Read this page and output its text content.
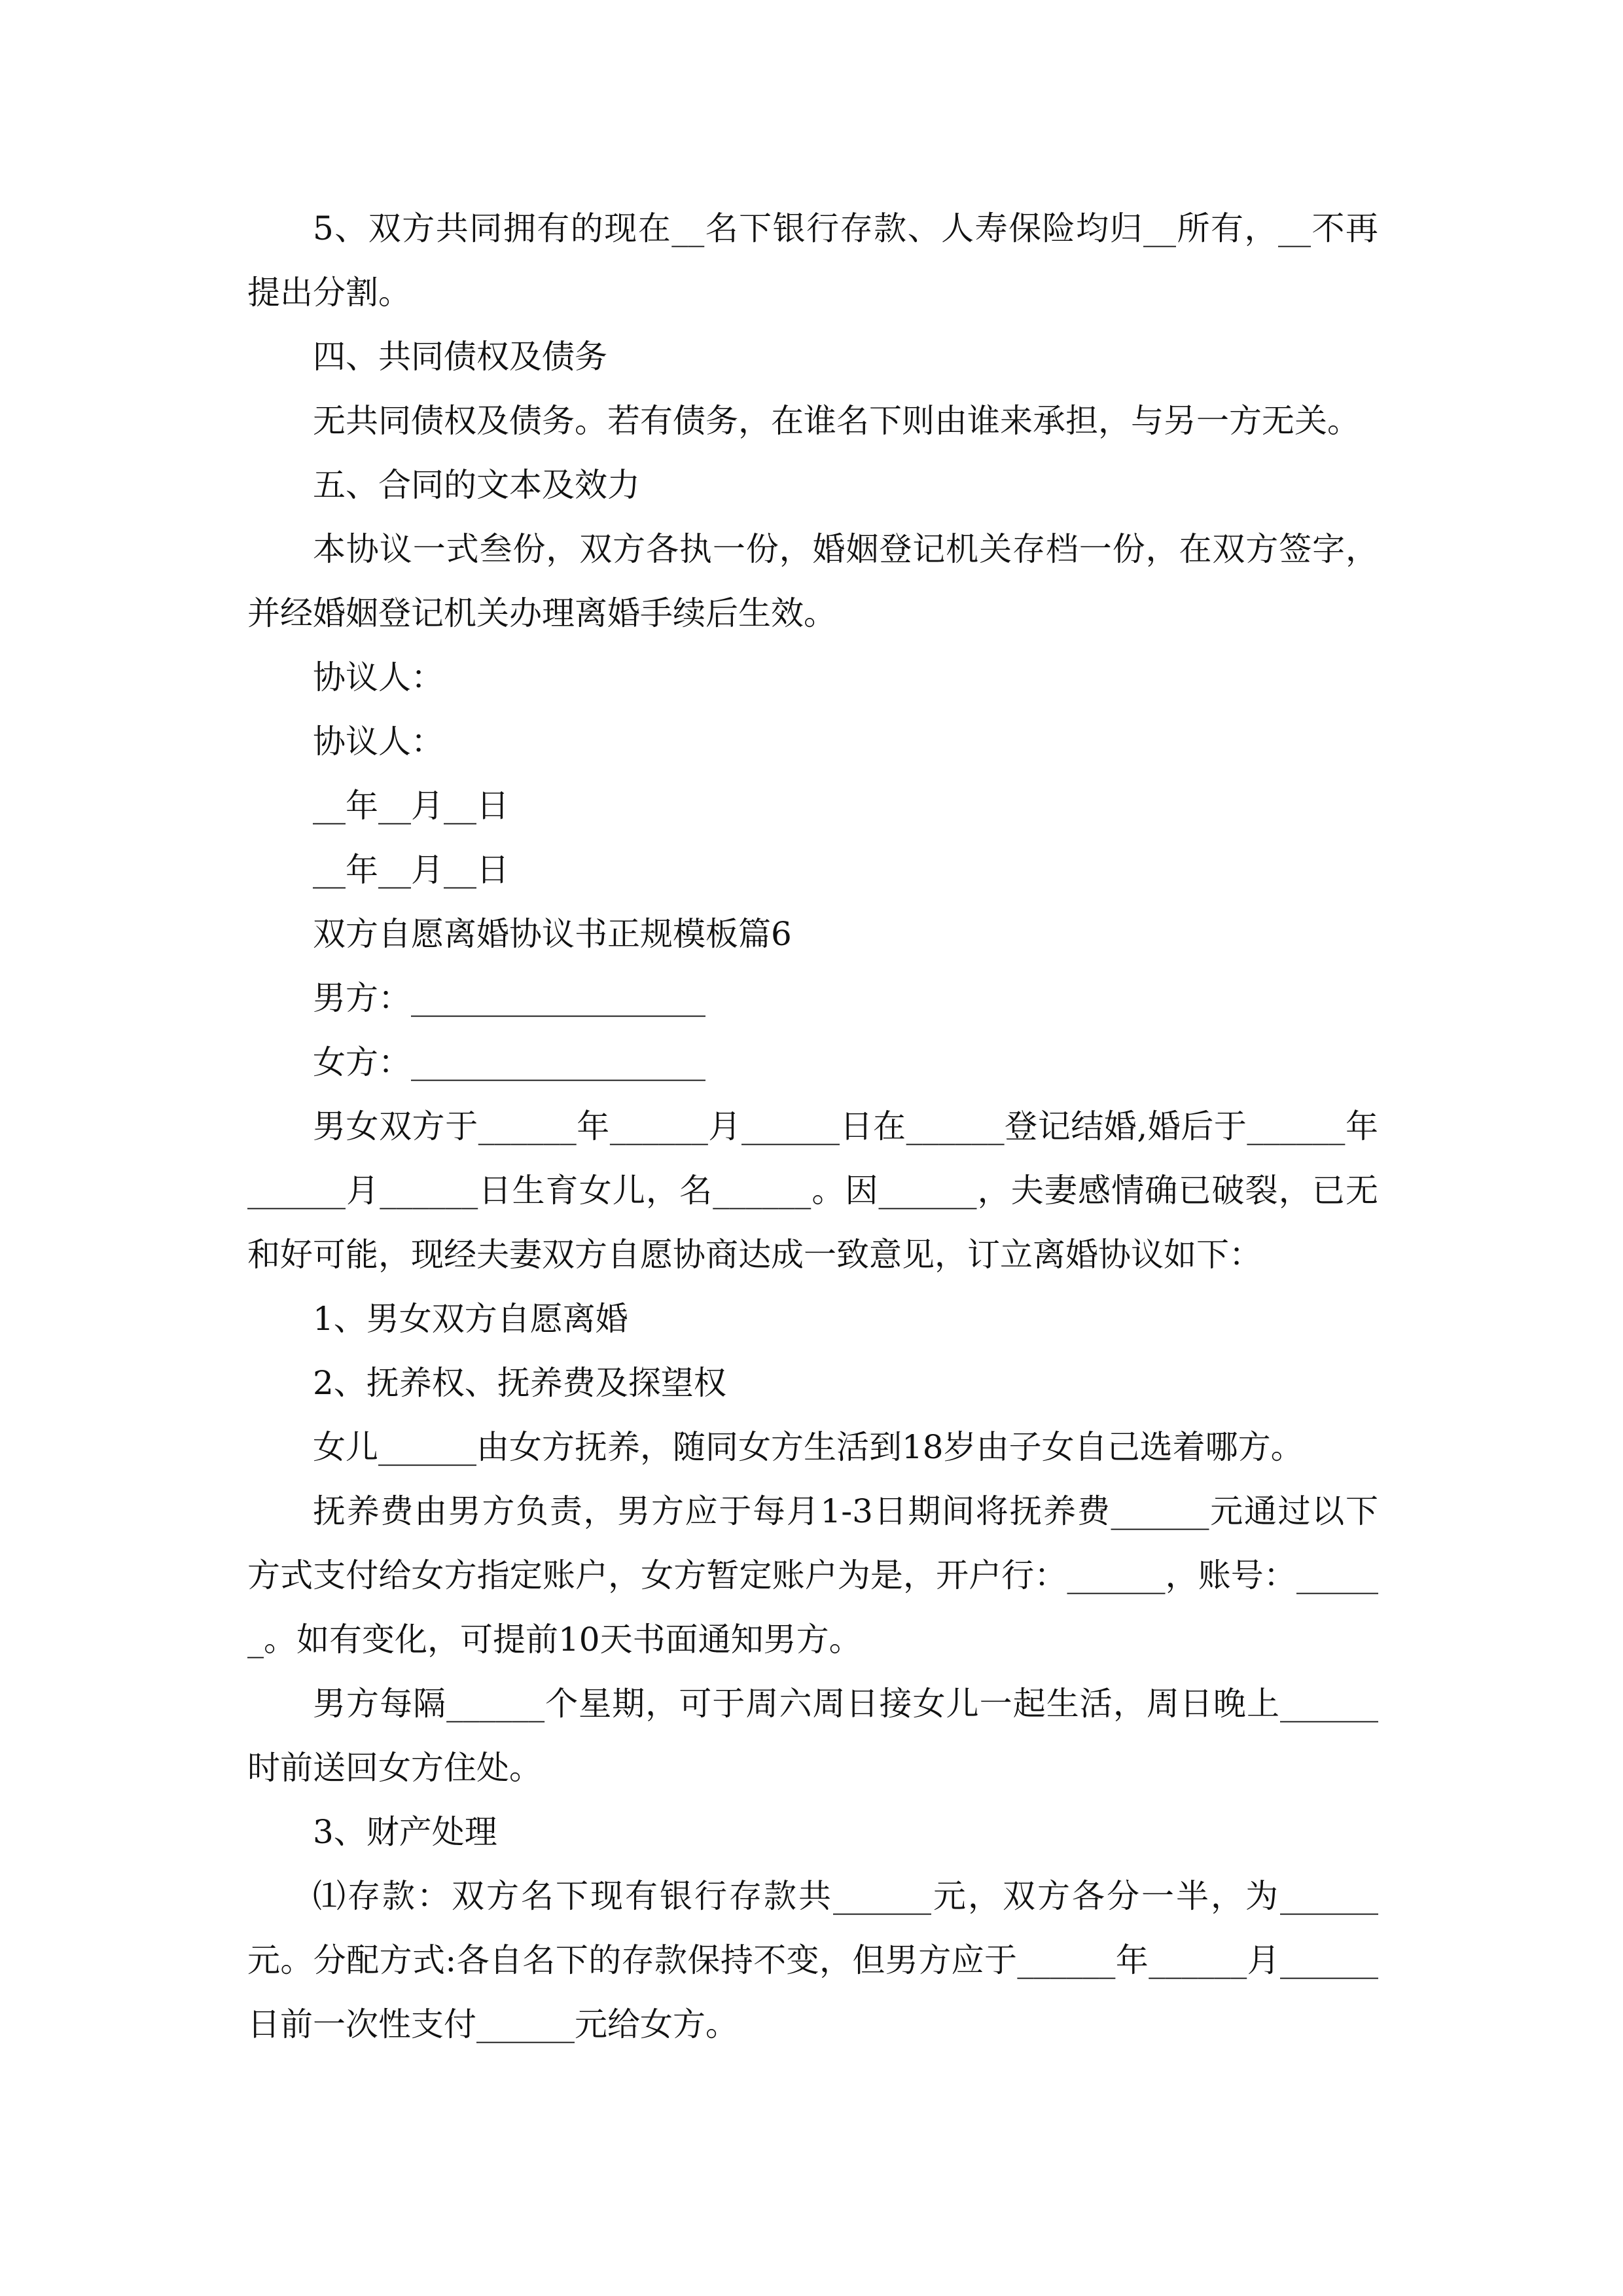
5、双方共同拥有的现在__名下银行存款、人寿保险均归__所有，__不再提出分割。

四、共同债权及债务

无共同债权及债务。若有债务，在谁名下则由谁来承担，与另一方无关。

五、合同的文本及效力

本协议一式叁份，双方各执一份，婚姻登记机关存档一份，在双方签字，并经婚姻登记机关办理离婚手续后生效。

协议人：

协议人：

__年__月__日

__年__月__日

双方自愿离婚协议书正规模板篇6

男方：__________________

女方：__________________

男女双方于______年______月______日在______登记结婚,婚后于______年______月______日生育女儿，名______。因______，夫妻感情确已破裂，已无和好可能，现经夫妻双方自愿协商达成一致意见，订立离婚协议如下：

1、男女双方自愿离婚

2、抚养权、抚养费及探望权

女儿______由女方抚养，随同女方生活到18岁由子女自己选着哪方。

抚养费由男方负责，男方应于每月1-3日期间将抚养费______元通过以下方式支付给女方指定账户，女方暂定账户为是，开户行：______，账号：______。如有变化，可提前10天书面通知男方。

男方每隔______个星期，可于周六周日接女儿一起生活，周日晚上______时前送回女方住处。

3、财产处理

⑴存款：双方名下现有银行存款共______元，双方各分一半，为______元。分配方式:各自名下的存款保持不变，但男方应于______年______月______日前一次性支付______元给女方。
